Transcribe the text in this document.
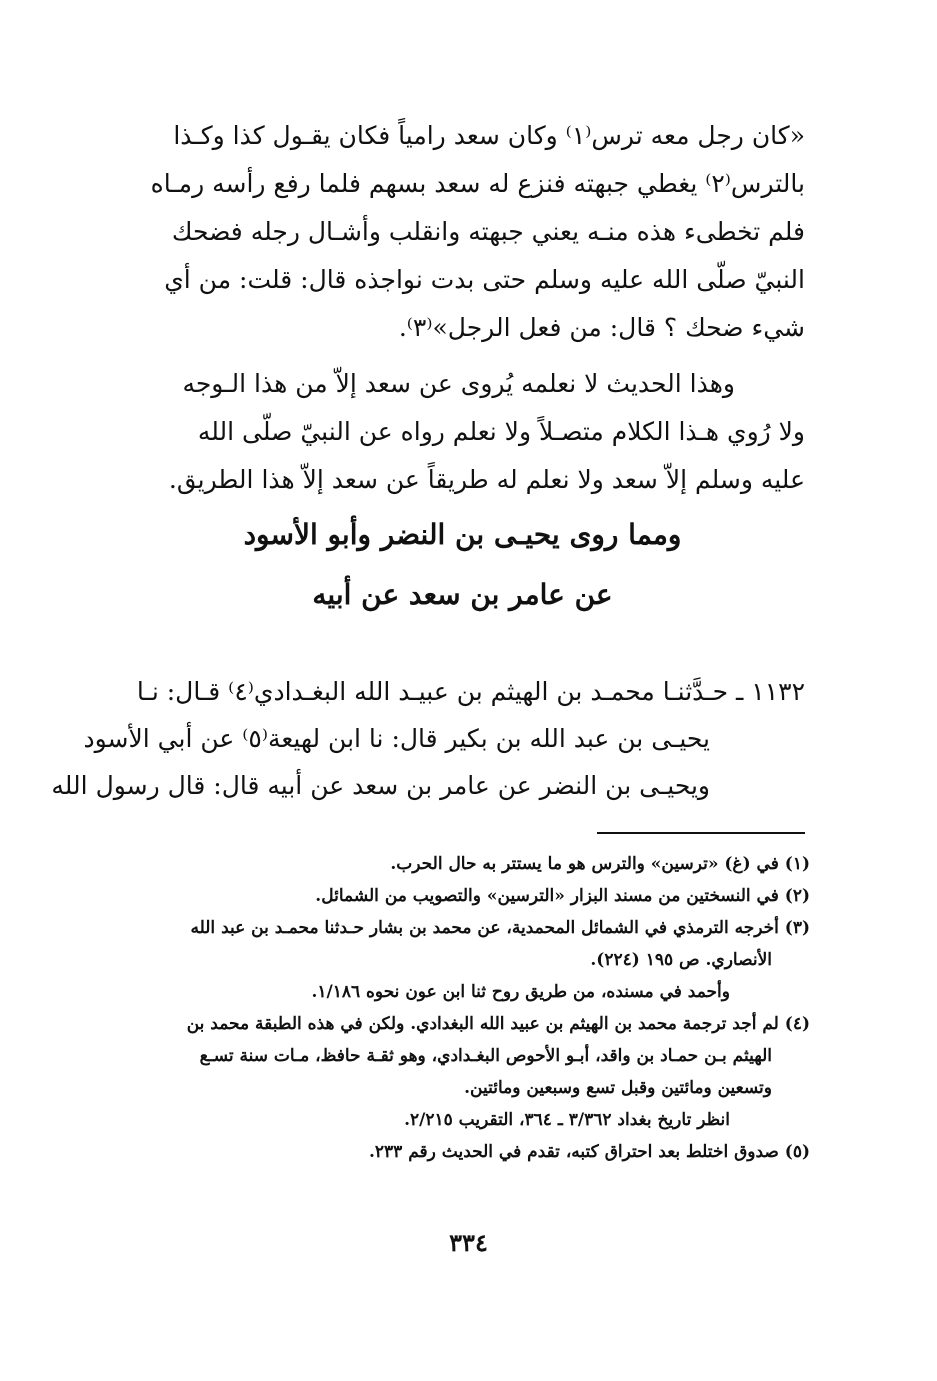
«كان رجل معه ترس⁽١⁾ وكان سعد رامياً فكان يقـول كذا وكـذا
بالترس⁽٢⁾ يغطي جبهته فنزع له سعد بسهم فلما رفع رأسه رمـاه
فلم تخطىء هذه منـه يعني جبهته وانقلب وأشـال رجله فضحك
النبيّ صلّى الله عليه وسلم حتى بدت نواجذه قال: قلت: من أي
شيء ضحك ؟ قال: من فعل الرجل»⁽٣⁾.
وهذا الحديث لا نعلمه يُروى عن سعد إلاّ من هذا الـوجه
ولا رُوي هـذا الكلام متصـلاً ولا نعلم رواه عن النبيّ صلّى الله
عليه وسلم إلاّ سعد ولا نعلم له طريقاً عن سعد إلاّ هذا الطريق.
ومما روى يحيـى بن النضر وأبو الأسود
عن عامر بن سعد عن أبيه
١١٣٢ ـ حـدَّثنـا محمـد بن الهيثم بن عبيـد الله البغـدادي⁽٤⁾ قـال: نـا
يحيـى بن عبد الله بن بكير قال: نا ابن لهيعة⁽٥⁾ عن أبي الأسود
ويحيـى بن النضر عن عامر بن سعد عن أبيه قال: قال رسول الله
(١) في (غ) «ترسين» والترس هو ما يستتر به حال الحرب.
(٢) في النسختين من مسند البزار «الترسين» والتصويب من الشمائل.
(٣) أخرجه الترمذي في الشمائل المحمدية، عن محمد بن بشار حـدثنا محمـد بن عبد الله
الأنصاري. ص ١٩٥ (٢٢٤).
وأحمد في مسنده، من طريق روح ثنا ابن عون نحوه ١/١٨٦.
(٤) لم أجد ترجمة محمد بن الهيثم بن عبيد الله البغدادي. ولكن في هذه الطبقة محمد بن
الهيثم بـن حمـاد بن واقد، أبـو الأحوص البغـدادي، وهو ثقـة حافظ، مـات سنة تسـع
وتسعين ومائتين وقبل تسع وسبعين ومائتين.
انظر تاريخ بغداد ٣/٣٦٢ ـ ٣٦٤، التقريب ٢/٢١٥.
(٥) صدوق اختلط بعد احتراق كتبه، تقدم في الحديث رقم ٢٣٣.
٣٣٤
